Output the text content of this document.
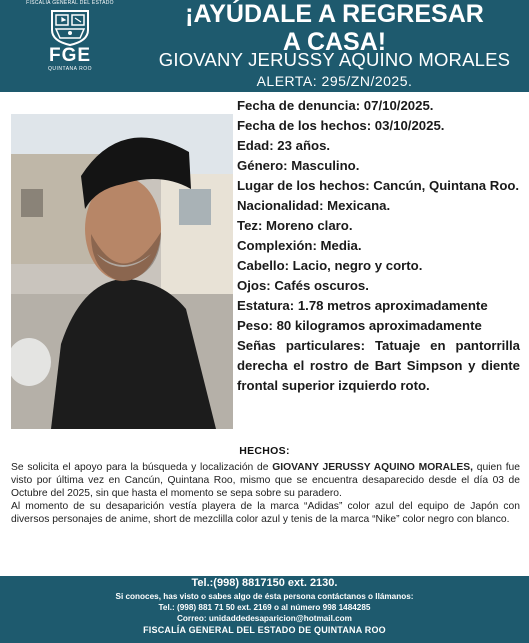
FISCALÍA GENERAL DEL ESTADO
FGE
QUINTANA ROO
¡AYÚDALE A REGRESAR
A CASA!
GIOVANY JERUSSY AQUINO MORALES
ALERTA: 295/ZN/2025.

Fecha de denuncia: 07/10/2025.

Fecha de los hechos: 03/10/2025.

Edad: 23 años.

Género: Masculino.

Lugar de los hechos: Cancún, Quintana Roo.

Nacionalidad: Mexicana.

Tez: Moreno claro.

Complexión: Media.

Cabello: Lacio, negro y corto.

Ojos: Cafés oscuros.

Estatura: 1.78 metros aproximadamente

Peso: 80 kilogramos aproximadamente

Señas particulares: Tatuaje en pantorrilla derecha el rostro de Bart Simpson y diente frontal superior izquierdo roto.

HECHOS:

Se solicita el apoyo para la búsqueda y localización de GIOVANY JERUSSY AQUINO MORALES, quien fue visto por última vez en Cancún, Quintana Roo, mismo que se encuentra desaparecido desde el día 03 de Octubre del 2025, sin que hasta el momento se sepa sobre su paradero.

Al momento de su desaparición vestía playera de la marca “Adidas” color azul del equipo de Japón con diversos personajes de anime, short de mezclilla color azul y tenis de la marca “Nike” color negro con blanco.

Tel.:(998) 8817150 ext. 2130.
Si conoces, has visto o sabes algo de ésta persona contáctanos o llámanos:
Tel.: (998) 881 71 50 ext. 2169 o al número 998 1484285
Correo: unidaddedesaparicion@hotmail.com
FISCALÍA GENERAL DEL ESTADO DE QUINTANA ROO
